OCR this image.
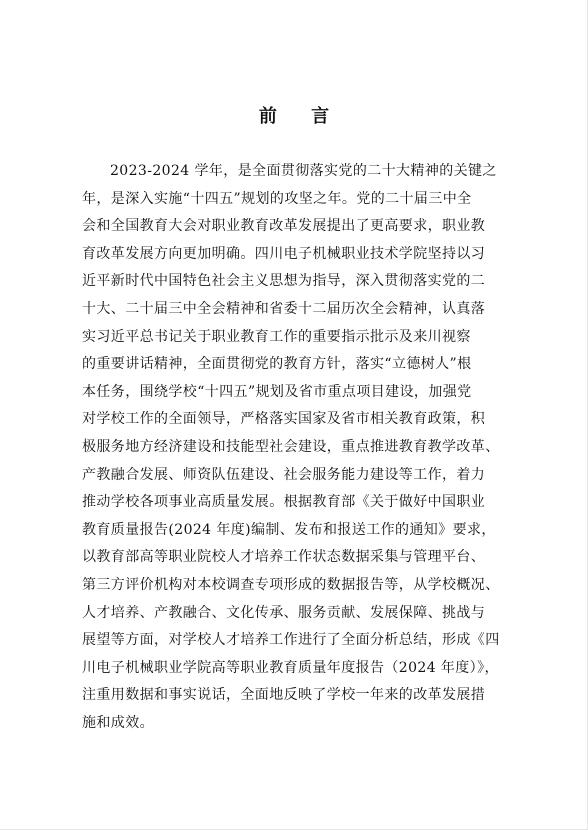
前 言
2023-2024 学年，是全面贯彻落实党的二十大精神的关键之
年，是深入实施“十四五”规划的攻坚之年。党的二十届三中全
会和全国教育大会对职业教育改革发展提出了更高要求，职业教
育改革发展方向更加明确。四川电子机械职业技术学院坚持以习
近平新时代中国特色社会主义思想为指导，深入贯彻落实党的二
十大、二十届三中全会精神和省委十二届历次全会精神，认真落
实习近平总书记关于职业教育工作的重要指示批示及来川视察
的重要讲话精神，全面贯彻党的教育方针，落实“立德树人”根
本任务，围绕学校“十四五”规划及省市重点项目建设，加强党
对学校工作的全面领导，严格落实国家及省市相关教育政策，积
极服务地方经济建设和技能型社会建设，重点推进教育教学改革、
产教融合发展、师资队伍建设、社会服务能力建设等工作，着力
推动学校各项事业高质量发展。根据教育部《关于做好中国职业
教育质量报告(2024 年度)编制、发布和报送工作的通知》要求，
以教育部高等职业院校人才培养工作状态数据采集与管理平台、
第三方评价机构对本校调查专项形成的数据报告等，从学校概况、
人才培养、产教融合、文化传承、服务贡献、发展保障、挑战与
展望等方面，对学校人才培养工作进行了全面分析总结，形成《四
川电子机械职业学院高等职业教育质量年度报告（2024 年度）》，
注重用数据和事实说话，全面地反映了学校一年来的改革发展措
施和成效。
